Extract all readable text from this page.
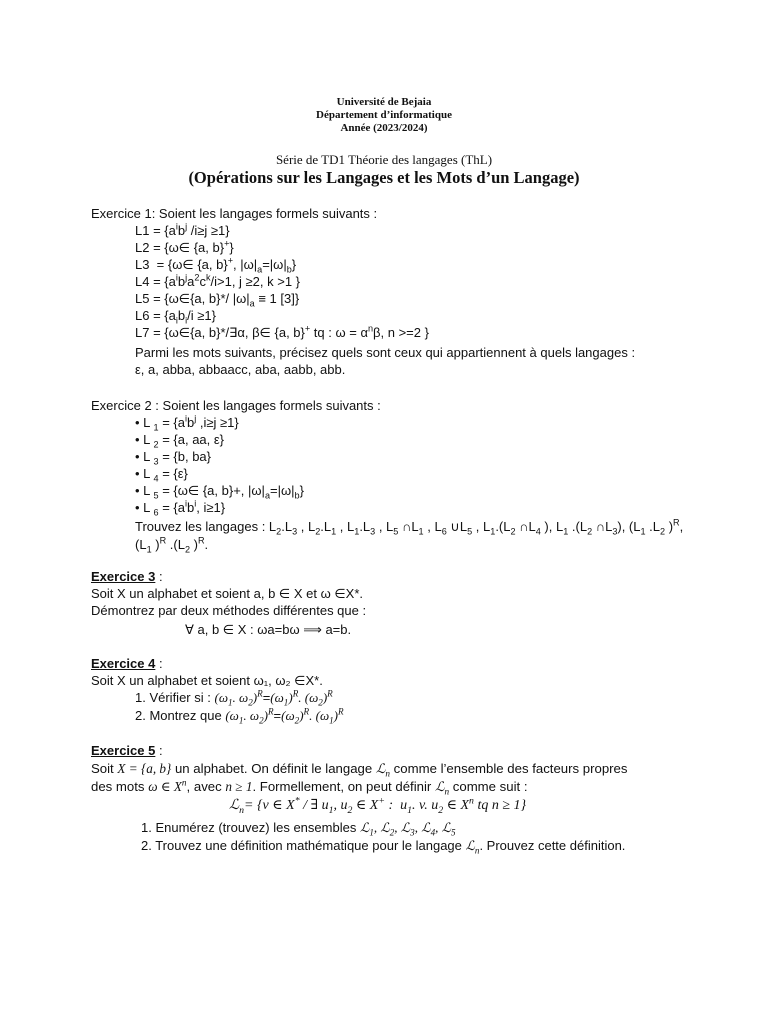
Université de Bejaia
Département d’informatique
Année (2023/2024)
Série de TD1 Théorie des langages (ThL)
(Opérations sur les Langages et les Mots d’un Langage)
Exercice 1: Soient les langages formels suivants :
$L1 = \{a^ib^j$ /i≥j ≥1}
L2 = {ω∈ {a, b}+}
L3  = {ω∈ {a, b}+, $|\omega|_a=|\omega|_b$}
$L4 = \{a^ib^ja^2c^k/i>1$, j ≥2, k >1 }
L5 = {ω∈{a, b}*/ $|\omega|_a \equiv 1$ [3]}
$L6 = \{a_ib_i/i \ge 1\}$
L7 = {ω∈{a, b}*/∃α, β∈ {a, b}+ tq : $\omega = \alpha^n\beta$, n >=2 }
Parmi les mots suivants, précisez quels sont ceux qui appartiennent à quels langages :
ε, a, abba, abbaacc, aba, aabb, abb.
Exercice 2 : Soient les langages formels suivants :
• L $_1 = \{a^ib^j$ ,i≥j ≥1}
• L $_2$ = {a, aa, ε}
• L $_3$ = {b, ba}
• L $_4$ = {ε}
• L $_5$ = {ω∈ {a, b}+, $|\omega|_a=|\omega|_b$}
• L $_6 = \{a^ib^i$, i≥1}
Trouvez les langages : $L_2.L_3$ , $L_2.L_1$ , $L_1.L_3$ , $L_5$ $\cap L_1$ , $L_6$ $\cup L_5$ , $L_1.(L_2$ $\cap L_4$ ), $L_1$ $.(L_2$ $\cap L_3$), ($L_1$ $.L_2$ )$^R$,
($L_1$ )$^R$ $.(L_2$ )$^R$.
Exercice 3 :
Soit X un alphabet et soient a, b ∈ X et ω ∈X*.
Démontrez par deux méthodes différentes que :
∀ a, b ∈ X : ωa=bω ⟹ a=b.
Exercice 4 :
Soit X un alphabet et soient ω₁, ω₂ ∈X*.
1. Vérifier si : ($\omega_1$. $\omega_2)^R=(\omega_1)^R$. $(\omega_2)^R$
2. Montrez que ($\omega_1$. $\omega_2)^R=(\omega_2)^R$. $(\omega_1)^R$
Exercice 5 :
Soit X = {a, b} un alphabet. On définit le langage ℒ$_n$ comme l’ensemble des facteurs propres
des mots ω ∈ $X^n$, avec n ≥ 1. Formellement, on peut définir ℒ$_n$ comme suit :
ℒ$_n$= {v ∈ X* / ∃ $u_1$, $u_2$ ∈ X+ :  $u_1$. v. $u_2$ ∈ $X^n$ tq n ≥ 1}
1. Enumérez (trouvez) les ensembles ℒ$_1$, ℒ$_2$, ℒ$_3$, ℒ$_4$, ℒ$_5$
2. Trouvez une définition mathématique pour le langage ℒ$_n$. Prouvez cette définition.
